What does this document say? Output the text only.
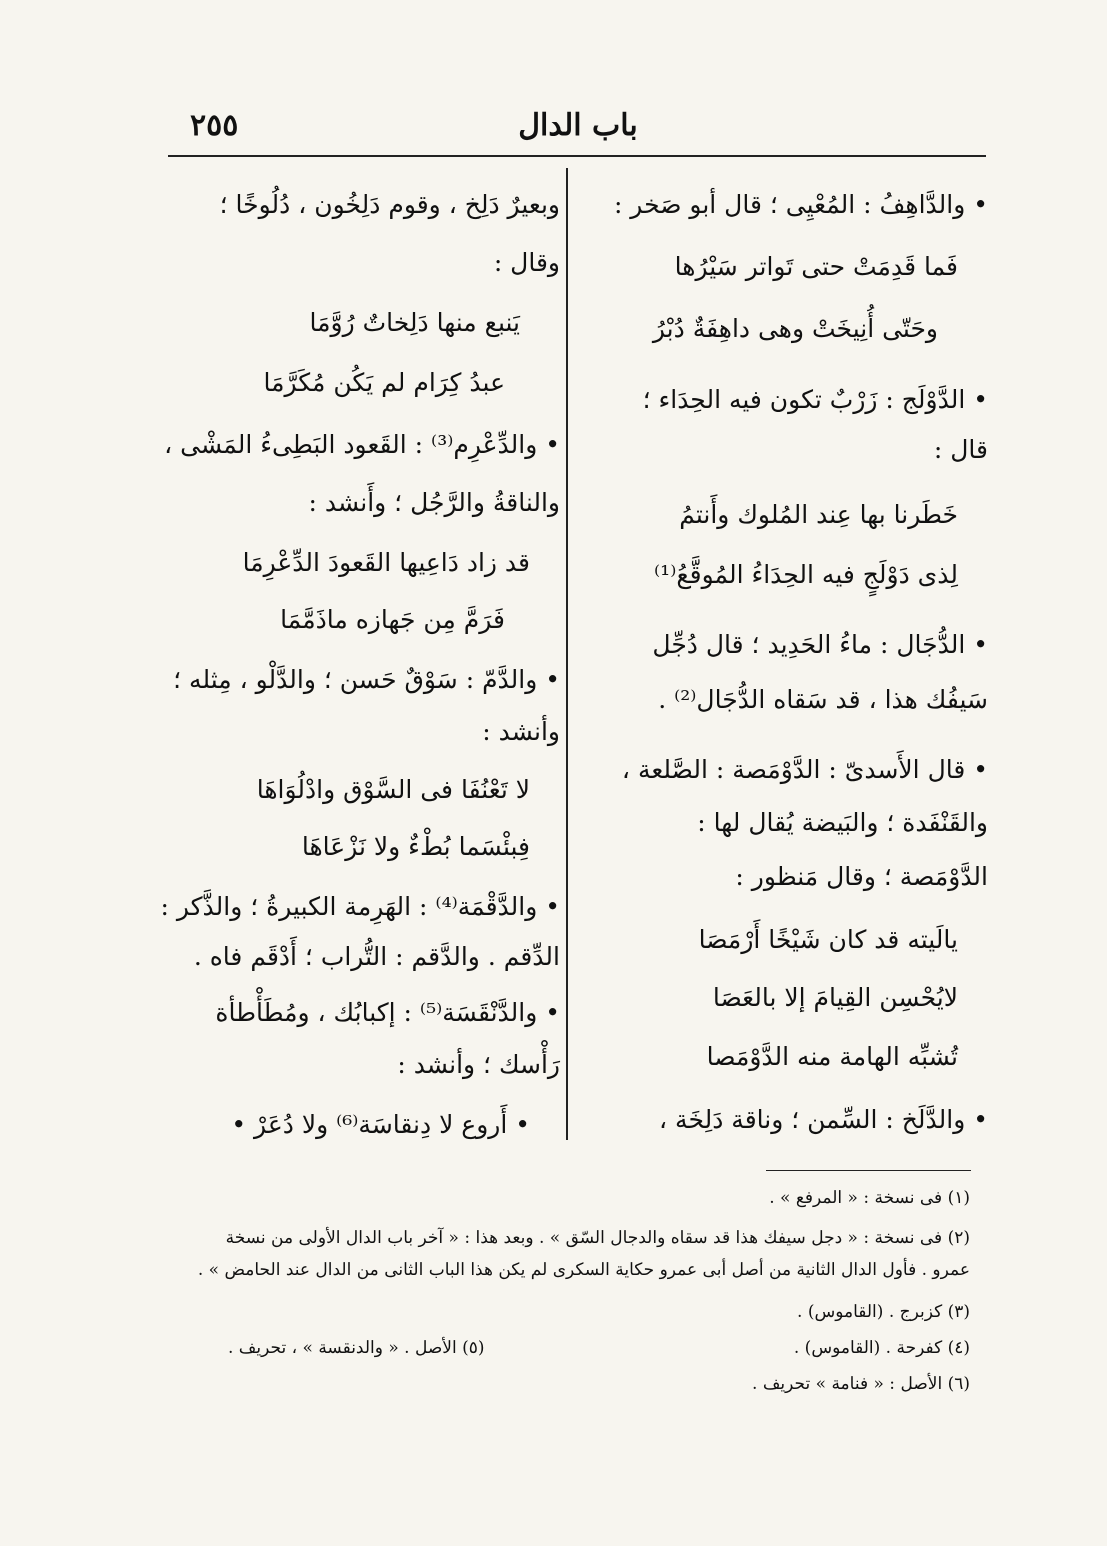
باب الدال
٢٥٥
• والدَّاهِفُ : المُعْيِى ؛ قال أبو صَخر :
فَما قَدِمَتْ حتى تَواتر سَيْرُها
وحَتّى أُنِيخَتْ وهى داهِفَةٌ دُبْرُ
• الدَّوْلَج : زَرْبٌ تكون فيه الحِدَاء ؛
قال :
خَطَرنا بها عِند المُلوك وأَنتمُ
لِذى دَوْلَجٍ فيه الحِدَاءُ المُوقَّعُ⁽¹⁾
• الدُّجَال : ماءُ الحَدِيد ؛ قال دُجِّل
سَيفُك هذا ، قد سَقاه الدُّجَال⁽²⁾ .
• قال الأَسدىّ : الدَّوْمَصة : الصَّلعة ،
والقَنْفَدة ؛ والبَيضة يُقال لها :
الدَّوْمَصة ؛ وقال مَنظور :
يالَيته قد كان شَيْخًا أَرْمَصَا
لايُحْسِن القِيامَ إلا بالعَصَا
تُشبِّه الهامة منه الدَّوْمَصا
• والدَّلَخ : السِّمن ؛ وناقة دَلِخَة ،
وبعيرٌ دَلِخ ، وقوم دَلِخُون ، دُلُوخًا ؛
وقال :
يَنبع منها دَلِخاتٌ رُوَّمَا
عبدُ كِرَام لم يَكُن مُكَرَّمَا
• والدِّعْرِم⁽³⁾ : القَعود البَطِىءُ المَشْى ،
والناقةُ والرَّجُل ؛ وأَنشد :
قد زاد دَاعِيها القَعودَ الدِّعْرِمَا
فَرَمَّ مِن جَهازه ماذَمَّمَا
• والدَّمّ : سَوْقٌ حَسن ؛ والدَّلْو ، مِثله ؛
وأنشد :
لا تَعْنُفَا فى السَّوْق وادْلُوَاهَا
فِبئْسَما بُطْءٌ ولا نَزْعَاهَا
• والدَّقْمَة⁽⁴⁾ : الهَرِمة الكبيرةُ ؛ والذَّكر :
الدِّقم . والدَّقم : التُّراب ؛ أَدْقَم فاه .
• والدَّنْقَسَة⁽⁵⁾ : إكبابُك ، ومُطَأْطأة
رَأْسك ؛ وأنشد :
• أَروع لا دِنقاسَة⁽⁶⁾ ولا دُعَرْ •
(١) فى نسخة : « المرفع » .
(٢) فى نسخة : « دجل سيفك هذا قد سقاه والدجال السّق » . وبعد هذا : « آخر باب الدال الأولى من نسخة
عمرو . فأول الدال الثانية من أصل أبى عمرو حكاية السكرى لم يكن هذا الباب الثانى من الدال عند الحامض » .
(٣) كزبرج . (القاموس) .
(٤) كفرحة . (القاموس) .
(٥) الأصل . « والدنقسة » ، تحريف .
(٦) الأصل : « فنامة » تحريف .
